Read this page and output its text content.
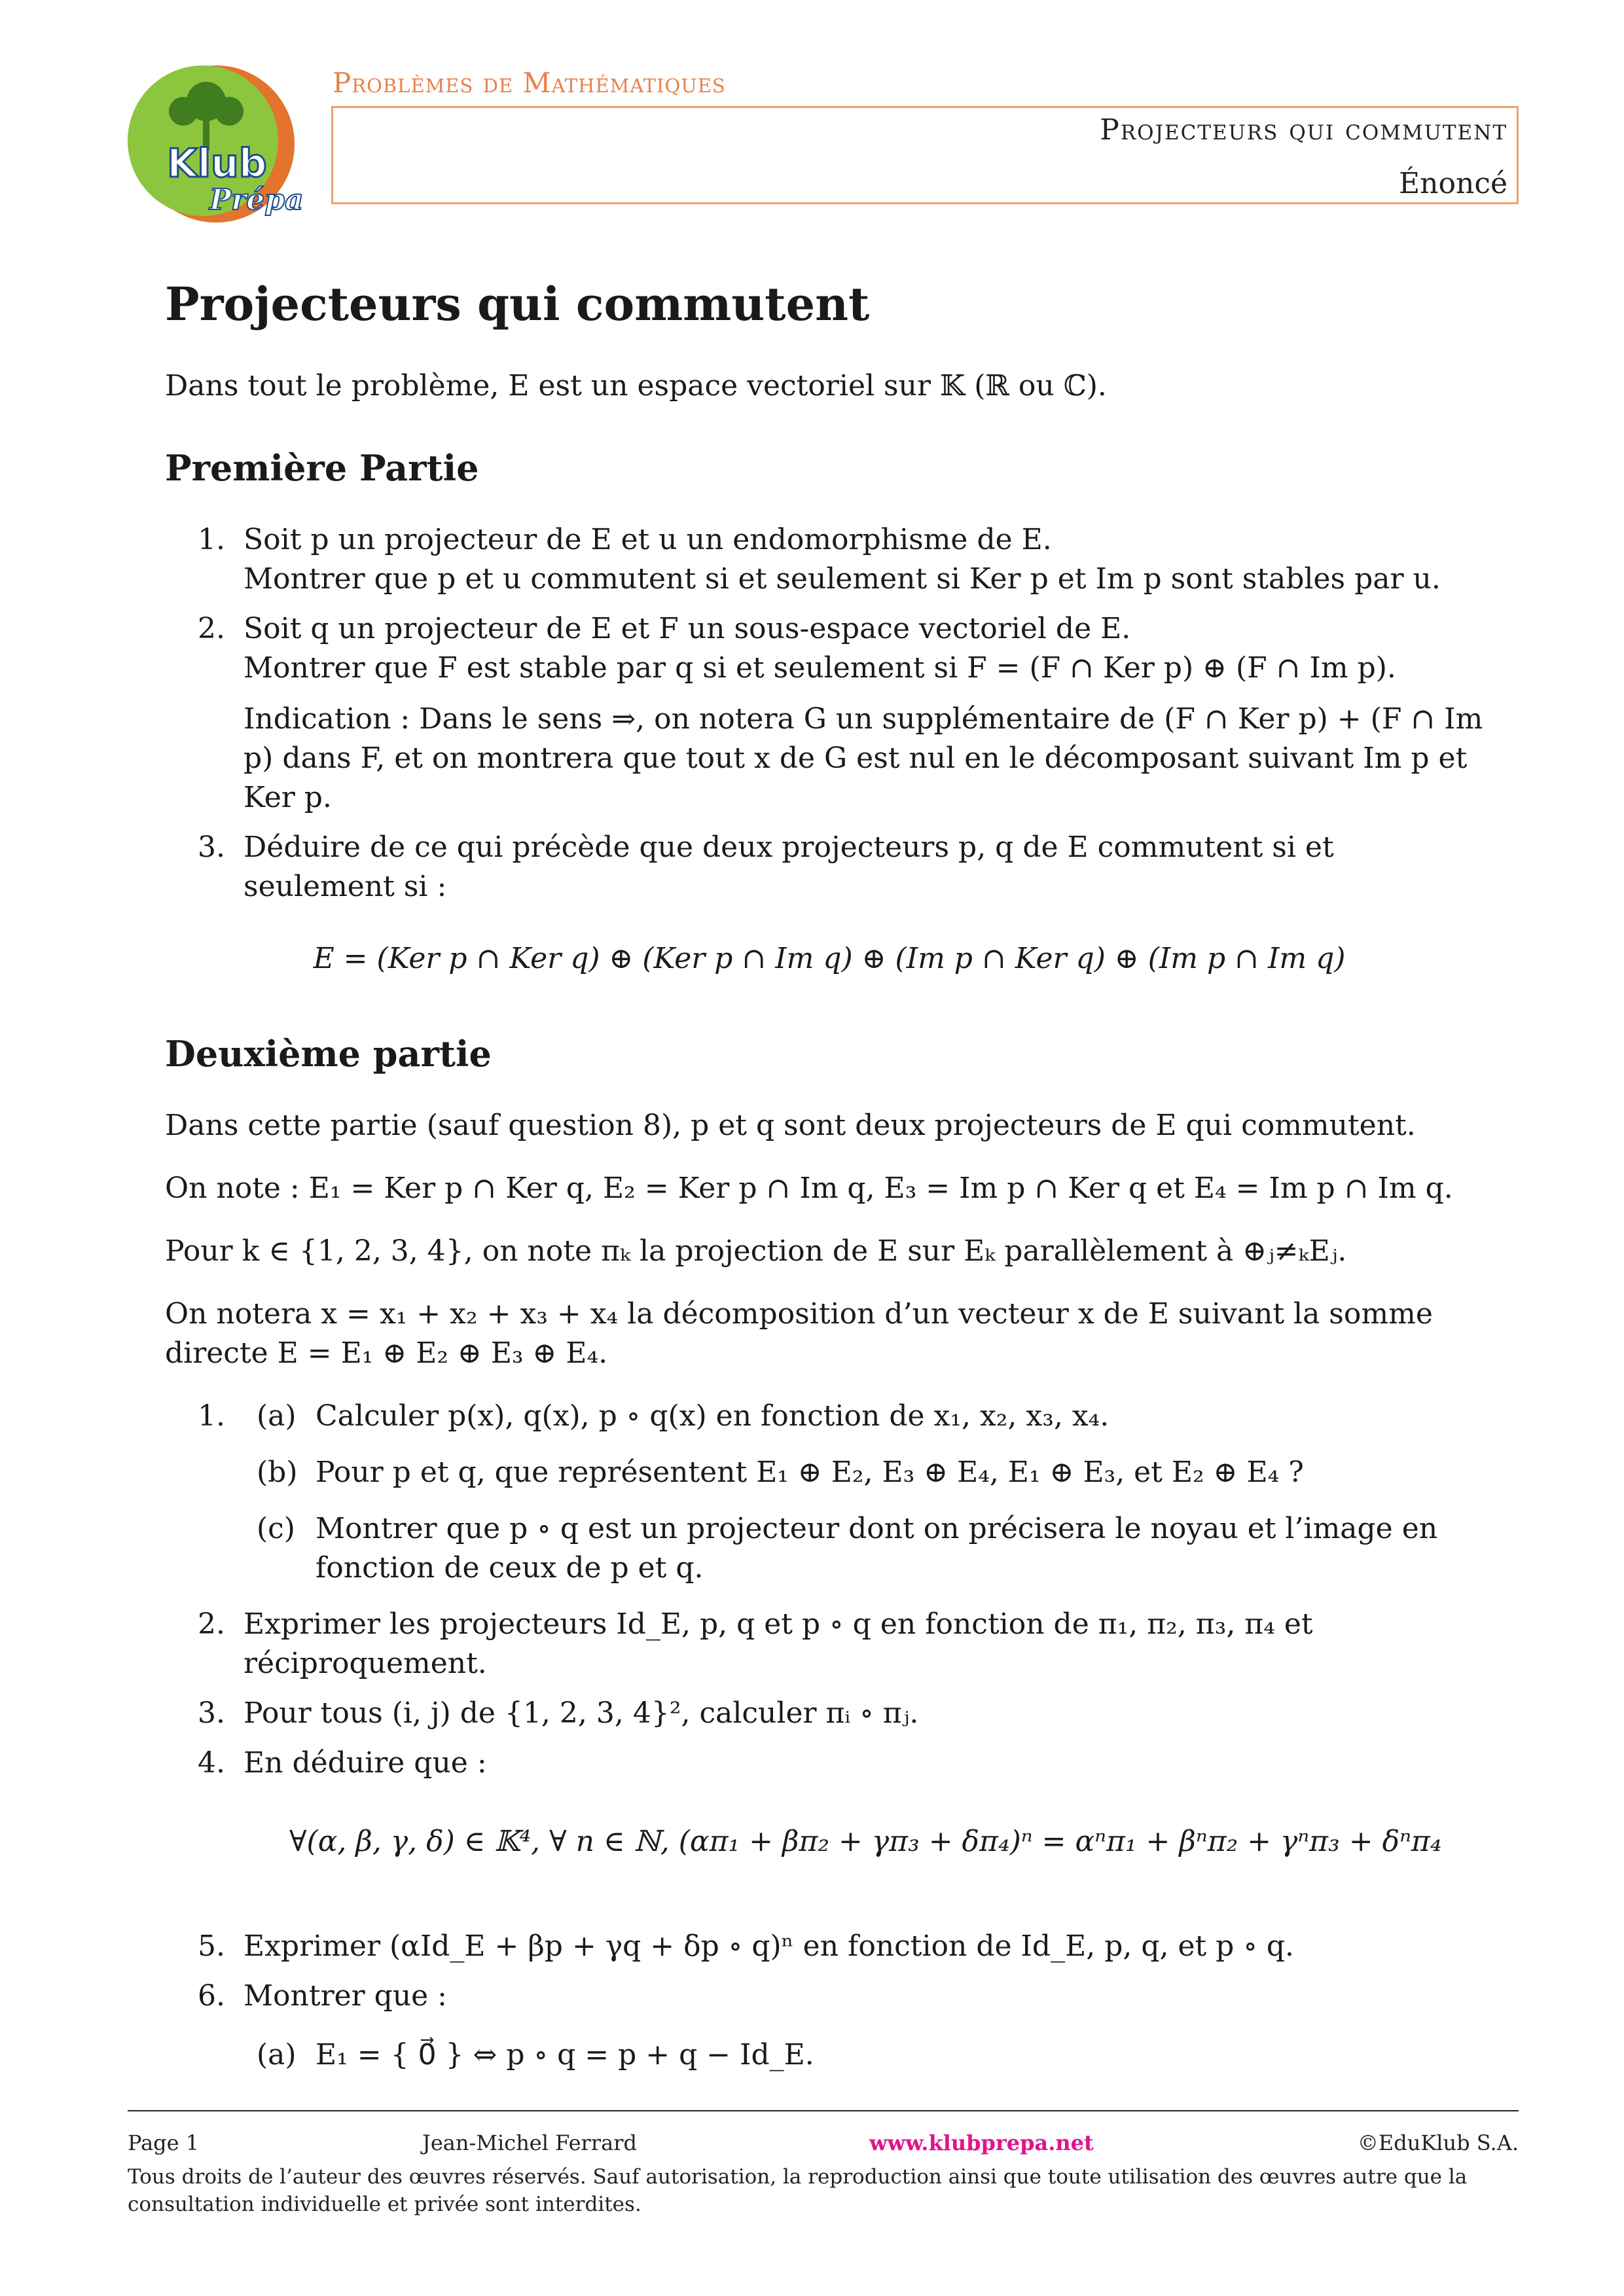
Klub
Prépa
Problèmes de Mathématiques
Projecteurs qui commutent
Énoncé
Projecteurs qui commutent

Dans tout le problème, E est un espace vectoriel sur 𝕂 (ℝ ou ℂ).

Première Partie
1. Soit p un projecteur de E et u un endomorphisme de E.
Montrer que p et u commutent si et seulement si Ker p et Im p sont stables par u.
2. Soit q un projecteur de E et F un sous-espace vectoriel de E.
Montrer que F est stable par q si et seulement si F = (F ∩ Ker p) ⊕ (F ∩ Im p).
Indication : Dans le sens ⇒, on notera G un supplémentaire de (F ∩ Ker p) + (F ∩ Im p) dans F, et on montrera que tout x de G est nul en le décomposant suivant Im p et Ker p.
3. Déduire de ce qui précède que deux projecteurs p, q de E commutent si et seulement si :
E = (Ker p ∩ Ker q) ⊕ (Ker p ∩ Im q) ⊕ (Im p ∩ Ker q) ⊕ (Im p ∩ Im q)
Deuxième partie

Dans cette partie (sauf question 8), p et q sont deux projecteurs de E qui commutent.

On note : E₁ = Ker p ∩ Ker q, E₂ = Ker p ∩ Im q, E₃ = Im p ∩ Ker q et E₄ = Im p ∩ Im q.

Pour k ∈ {1, 2, 3, 4}, on note πₖ la projection de E sur Eₖ parallèlement à ⊕ⱼ≠ₖEⱼ.

On notera x = x₁ + x₂ + x₃ + x₄ la décomposition d’un vecteur x de E suivant la somme directe E = E₁ ⊕ E₂ ⊕ E₃ ⊕ E₄.

1. (a) Calculer p(x), q(x), p ∘ q(x) en fonction de x₁, x₂, x₃, x₄.
(b) Pour p et q, que représentent E₁ ⊕ E₂, E₃ ⊕ E₄, E₁ ⊕ E₃, et E₂ ⊕ E₄ ?
(c) Montrer que p ∘ q est un projecteur dont on précisera le noyau et l’image en fonction de ceux de p et q.
2. Exprimer les projecteurs Id_E, p, q et p ∘ q en fonction de π₁, π₂, π₃, π₄ et réciproquement.
3. Pour tous (i, j) de {1, 2, 3, 4}², calculer πᵢ ∘ πⱼ.
4. En déduire que :
∀(α, β, γ, δ) ∈ 𝕂⁴, ∀ n ∈ ℕ, (απ₁ + βπ₂ + γπ₃ + δπ₄)ⁿ = αⁿπ₁ + βⁿπ₂ + γⁿπ₃ + δⁿπ₄
5. Exprimer (αId_E + βp + γq + δp ∘ q)ⁿ en fonction de Id_E, p, q, et p ∘ q.
6. Montrer que :
(a) E₁ = { 0⃗ } ⇔ p ∘ q = p + q − Id_E.
Page 1	Jean-Michel Ferrard	www.klubprepa.net	©EduKlub S.A.
Tous droits de l’auteur des œuvres réservés. Sauf autorisation, la reproduction ainsi que toute utilisation des œuvres autre que la consultation individuelle et privée sont interdites.
